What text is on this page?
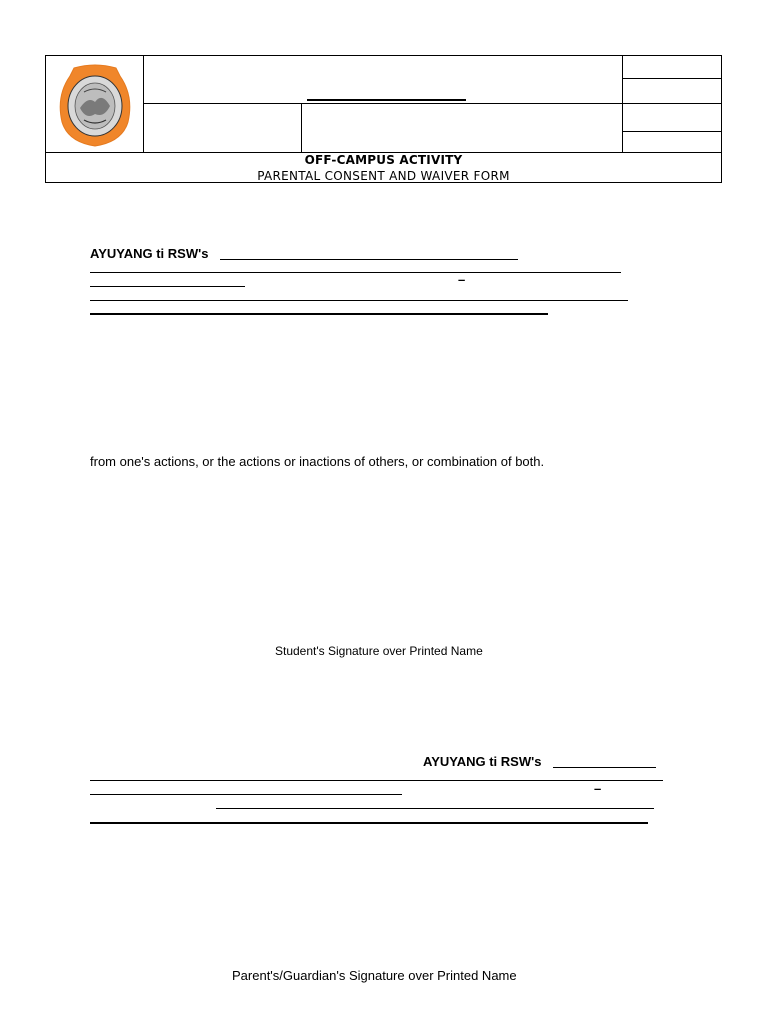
OFF-CAMPUS ACTIVITY
PARENTAL CONSENT AND WAIVER FORM
AYUYANG ti RSW's
–
from one's actions, or the actions or inactions of others, or combination of both.
Student's Signature over Printed Name
AYUYANG ti RSW's
–
Parent's/Guardian's Signature over Printed Name
